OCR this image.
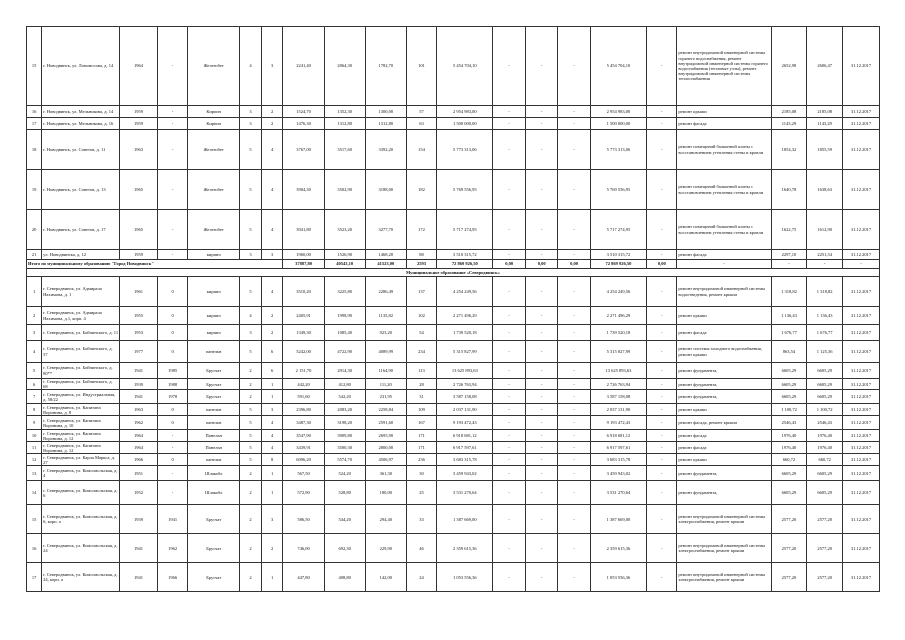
15	г. Новодвинск, ул. Ломоносова, д. 14	1964	-	Железобет	4	3	2241,40	2064,30	1782,70	101	5 454 704,10	-	-	-	5 454 704,10	-	ремонт внутридомовой инженерной системы горячего водоснабжения, ремонт внутридомовой инженерной системы горячего водоснабжения (тепловые узлы), ремонт внутридомовой инженерной системы теплоснабжения	2652,98	2606,47	31.12.2017
16	г. Новодвинск, ул. Мельникова, д. 14	1959	-	Кирпич	3	2	1524,70	1352,30	1300,00	57	2 954 983,00	-	-	-	2 954 983,00	-	ремонт крыши	2185,08	2185,08	31.12.2017
17	г. Новодвинск, ул. Мельникова, д. 16	1959	-	Кирпич	3	2	1476,30	1312,80	1312,80	63	1 500 000,00	-	-	-	1 500 000,00	-	ремонт фасада	1143,29	1143,29	31.12.2017
18	г. Новодвинск, ул. Советов, д. 11	1963	-	Железобет	5	4	3767,00	3517,60	3392,20	154	5 773 313,06	-	-	-	5 773 313,06	-	ремонт помещений балконной плиты с восстановлением утепления стены и кровли	1854,32	1855,59	31.12.2017
19	г. Новодвинск, ул. Советов, д. 13	1965	-	Железобет	5	4	3904,30	3502,90	3188,00	182	5 769 556,95	-	-	-	5 769 556,95	-	ремонт помещений балконной плиты с восстановлением утепления стены и кровли	1640,78	1638,63	31.12.2017
20	г. Новодвинск, ул. Советов, д. 17	1965	-	Железобет	5	4	3941,80	3523,20	3277,70	172	5 717 274,95	-	-	-	5 717 274,95	-	ремонт помещений балконной плиты с восстановлением утепления стены и кровли	1622,75	1612,90	31.12.2017
21	ул. Новодвинска, д. 12	1959	-	кирпич	3	3	1960,00	1526,90	1468,20	88	3 510 315,72	-	-	-	3 510 315,72	-	ремонт фасада	2297,10	2251,54	31.12.2017
Итого по муниципальному образованию "Город Новодвинск"							37887,80	40543,10	41523,00	2593	72 869 926,50	0,00	0,00	0,00	72 869 926,50	0,00	-	-	-	-
Муниципальное образование «Северодвинск»																				
1	г. Северодвинск, ул. Адмирала Нахимова, д. 1	1961	0	кирпич	5	4	3510,20	3225,80	2286,49	137	4 254 249,56	-	-	-	4 254 249,56	-	ремонт внутридомовой инженерной системы водоотведения, ремонт крыши	1 318,82	1 318,82	31.12.2017
2	г. Северодвинск, ул. Адмирала Нахимова, д.1, корп. 4	1955	0	кирпич	4	2	2405,91	1998,90	1135,82	102	2 271 496,29	-	-	-	2 271 496,29	-	ремонт крыши	1 136,43	1 136,43	31.12.2017
3	г. Северодвинск, ул. Бойчинского, д. 11	1953	0	кирпич	3	2	1349,30	1085,40	923,20	54	1 739 520,18	-	-	-	1 739 520,18	-	ремонт фасада	1 676,77	1 676,77	31.12.2017
4	г. Северодвинск, ул. Бойчинского, д. 57	1977	0	панельн	5	6	5242,00	4722,90	4089,99	234	5 315 827,99	-	-	-	5 315 827,99	-	ремонт системы холодного водоснабжения, ремонт крыши	863,54	1 125,36	31.12.2017
5	г. Северодвинск, ул. Бойчинского, д. 80**	1941	1985	Брусчат	2	6	2 151,70	2914,30	1164,90	113	13 625 893,63	-	-	-	13 625 893,63	-	ремонт фундамента,	6605,29	6605,29	31.12.2017
6	г. Северодвинск, ул. Бойчинского, д. 68	1939	1988	Брусчат	2	1	442,20	412,80	111,20	28	2 726 763,94	-	-	-	2 726 763,94	-	ремонт фундамента,	6605,29	6605,29	31.12.2017
7	г. Северодвинск, ул. Индустриальная, д. 58/22	1941	1978	Брусчат	2	1	591,60	542,20	231,95	31	3 587 158,08	-	-	-	3 587 158,08	-	ремонт фундамента,	6605,29	6605,29	31.12.2017
8	г. Северодвинск, ул. Капитана Воронина, д. 8	1963	0	панельн	5	3	2396,80	2083,20	2258,84	109	2 037 131,90	-	-	-	2 037 131,90	-	ремонт крыши	1 100,72	1 100,72	31.12.2017
9	г. Северодвинск, ул. Капитана Воронина, д. 10	1962	0	панельн	5	4	3487,30	3198,20	2591,60	167	9 193 472,43	-	-	-	9 193 472,43	-	ремонт фасада, ремонт крыши	2546,43	2546,43	31.12.2017
10	г. Северодвинск, ул. Капитана Воронина, д. 12	1964	-	Панельн	5	4	3547,90	3909,80	2695,90	171	6 918 681,12	-	-	-	6 918 681,12	-	ремонт фасада	1976,40	1976,40	31.12.2017
11	г. Северодвинск, ул. Капитана Воронина, д. 12	1964	-	Панельн	5	4	3439,91	3500,30	2800,00	171	6 917 597,61	-	-	-	6 917 597,61	-	ремонт фасада	1976,40	1976,40	31.12.2017
12	г. Северодвинск, ул. Карла Маркса, д. 27	1966	0	панельн	5	8	6096,20	5574,70	4506,97	236	3 683 315,78	-	-	-	3 683 315,78	-	ремонт крыши	660,72	660,72	31.12.2017
13	г. Северодвинск, ул. Комсомольская, д. 4	1951	-	Шлакобл	2	1	567,50	524,20	361,30	30	3 459 943,02	-	-	-	3 459 943,02	-	ремонт фундамента,	6605,29	6605,29	31.12.2017
14	г. Северодвинск, ул. Комсомольская, д. 6	1952	-	Шлакобл	2	1	572,90	528,80	180,00	25	3 531 270,64	-	-	-	3 531 270,64	-	ремонт фундамента,	6605,29	6605,29	31.12.2017
15	г. Северодвинск, ул. Комсомольская, д. 6, корп. а	1939	1941	Брусчат	2	3	586,50	544,20	294,40	33	1 387 669,00	-	-	-	1 387 669,00	-	ремонт внутридомовой инженерной системы электроснабжения, ремонт крыши	2577,20	2577,20	31.12.2017
16	г. Северодвинск, ул. Комсомольская, д. 24	1941	1962	Брусчат	2	2	746,00	692,30	229,90	46	2 359 615,36	-	-	-	2 359 615,36	-	ремонт внутридомовой инженерной системы электроснабжения, ремонт крыши	2577,20	2577,20	31.12.2017
17	г. Северодвинск, ул. Комсомольская, д. 24, корп. а	1941	1966	Брусчат	2	1	447,80	408,80	142,00	24	1 053 556,36	-	-	-	1 053 556,36	-	ремонт внутридомовой инженерной системы электроснабжения, ремонт крыши	2577,20	2577,20	31.12.2017
